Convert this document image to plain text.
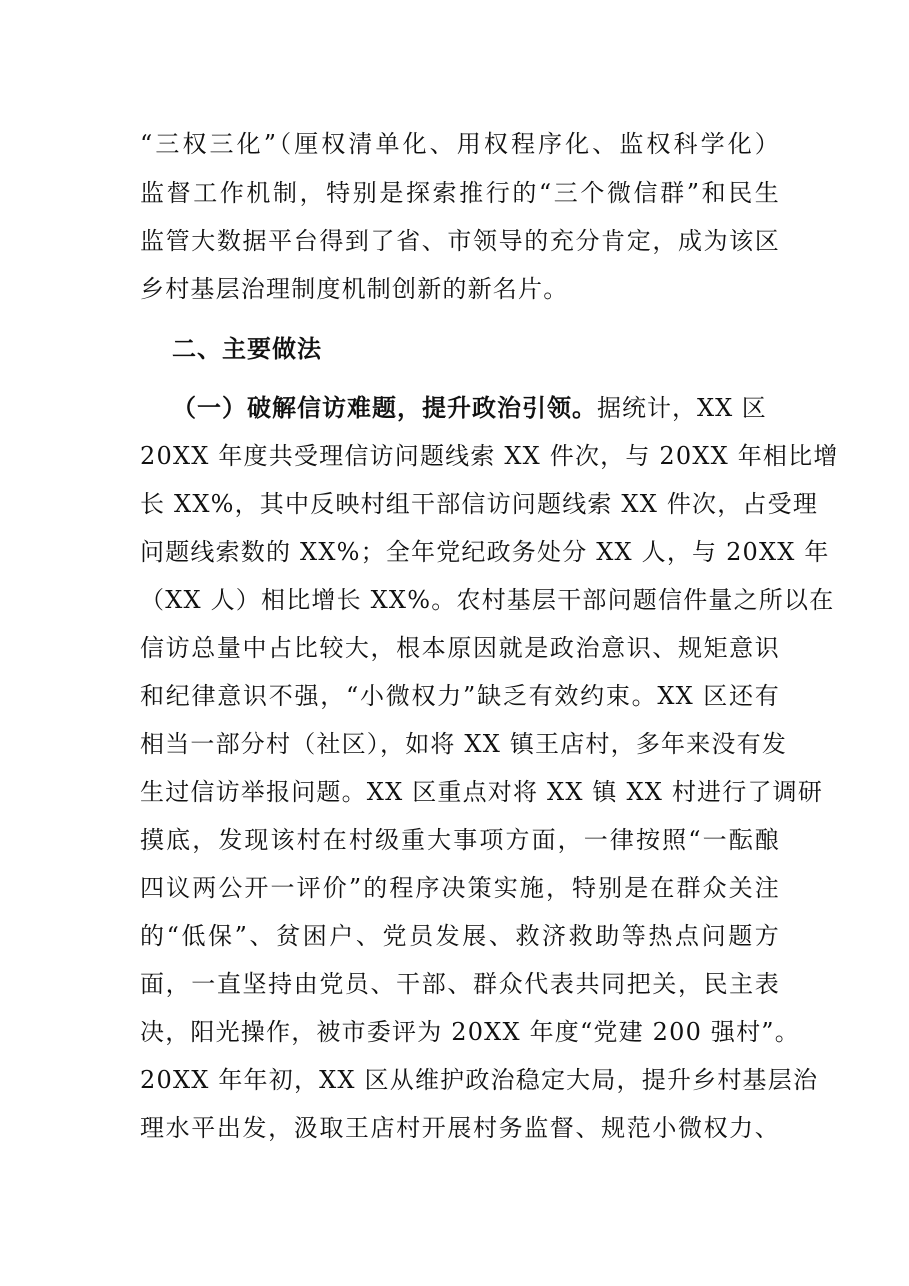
“三权三化”（厘权清单化、用权程序化、监权科学化）
监督工作机制，特别是探索推行的“三个微信群”和民生
监管大数据平台得到了省、市领导的充分肯定，成为该区
乡村基层治理制度机制创新的新名片。
二、主要做法
（一）破解信访难题，提升政治引领。据统计，XX 区
20XX 年度共受理信访问题线索 XX 件次，与 20XX 年相比增
长 XX%，其中反映村组干部信访问题线索 XX 件次，占受理
问题线索数的 XX%；全年党纪政务处分 XX 人，与 20XX 年
（XX 人）相比增长 XX%。农村基层干部问题信件量之所以在
信访总量中占比较大，根本原因就是政治意识、规矩意识
和纪律意识不强，“小微权力”缺乏有效约束。XX 区还有
相当一部分村（社区），如将 XX 镇王店村，多年来没有发
生过信访举报问题。XX 区重点对将 XX 镇 XX 村进行了调研
摸底，发现该村在村级重大事项方面，一律按照“一酝酿
四议两公开一评价”的程序决策实施，特别是在群众关注
的“低保”、贫困户、党员发展、救济救助等热点问题方
面，一直坚持由党员、干部、群众代表共同把关，民主表
决，阳光操作，被市委评为 20XX 年度“党建 200 强村”。
20XX 年年初，XX 区从维护政治稳定大局，提升乡村基层治
理水平出发，汲取王店村开展村务监督、规范小微权力、
